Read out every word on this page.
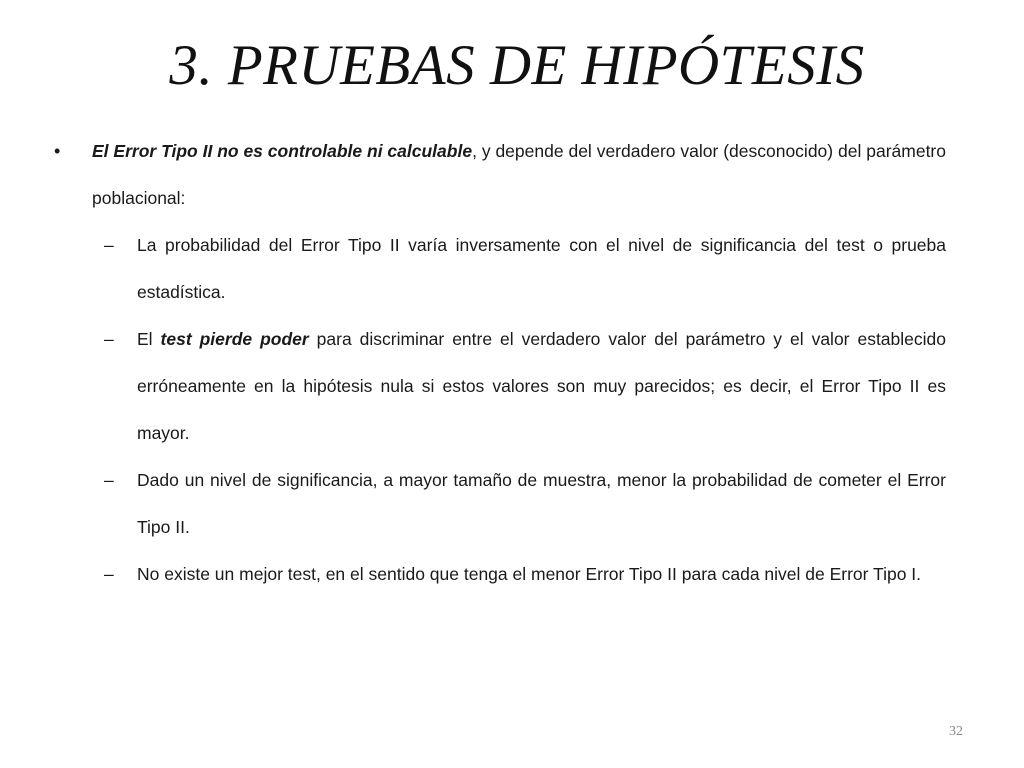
3. PRUEBAS DE HIPÓTESIS
• El Error Tipo II no es controlable ni calculable, y depende del verdadero valor (desconocido) del parámetro poblacional:
– La probabilidad del Error Tipo II varía inversamente con el nivel de significancia del test o prueba estadística.
– El test pierde poder para discriminar entre el verdadero valor del parámetro y el valor establecido erróneamente en la hipótesis nula si estos valores son muy parecidos; es decir, el Error Tipo II es mayor.
– Dado un nivel de significancia, a mayor tamaño de muestra, menor la probabilidad de cometer el Error Tipo II.
– No existe un mejor test, en el sentido que tenga el menor Error Tipo II para cada nivel de Error Tipo I.
32
